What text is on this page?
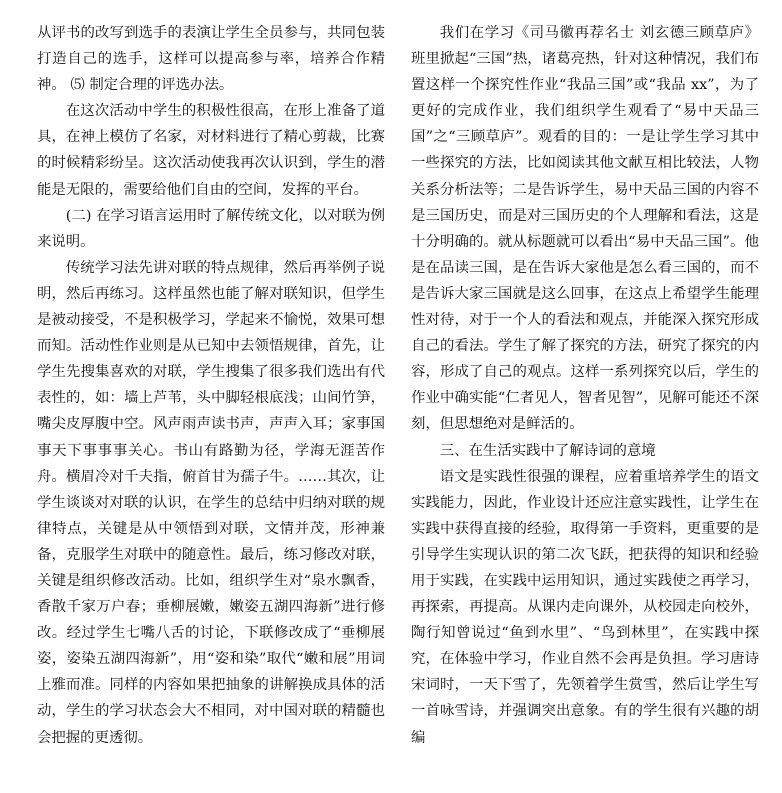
从评书的改写到选手的表演让学生全员参与，共同包装打造自己的选手，这样可以提高参与率，培养合作精神。 ⑸ 制定合理的评选办法。

在这次活动中学生的积极性很高，在形上准备了道具，在神上模仿了名家，对材料进行了精心剪裁，比赛的时候精彩纷呈。这次活动使我再次认识到，学生的潜能是无限的，需要给他们自由的空间，发挥的平台。

(二) 在学习语言运用时了解传统文化，以对联为例来说明。

传统学习法先讲对联的特点规律，然后再举例子说明，然后再练习。这样虽然也能了解对联知识，但学生是被动接受，不是积极学习，学起来不愉悦，效果可想而知。活动性作业则是从已知中去领悟规律，首先，让学生先搜集喜欢的对联，学生搜集了很多我们选出有代表性的，如：墙上芦苇，头中脚轻根底浅；山间竹笋，嘴尖皮厚腹中空。风声雨声读书声，声声入耳；家事国事天下事事事关心。书山有路勤为径，学海无涯苦作舟。横眉冷对千夫指，俯首甘为孺子牛。……其次，让学生谈谈对对联的认识，在学生的总结中归纳对联的规律特点，关键是从中领悟到对联，文情并茂，形神兼备，克服学生对联中的随意性。最后，练习修改对联，关键是组织修改活动。比如，组织学生对“泉水飘香，香散千家万户春；垂柳展嫩，嫩姿五湖四海新”进行修改。经过学生七嘴八舌的讨论，下联修改成了“垂柳展姿，姿染五湖四海新”，用“姿和染”取代“嫩和展”用词上雅而准。同样的内容如果把抽象的讲解换成具体的活动，学生的学习状态会大不相同，对中国对联的精髓也会把握的更透彻。

我们在学习《司马徽再荐名士 刘玄德三顾草庐》班里掀起“三国”热，诸葛亮热，针对这种情况，我们布置这样一个探究性作业“我品三国”或“我品 xx”，为了更好的完成作业，我们组织学生观看了“易中天品三国”之“三顾草庐”。观看的目的：一是让学生学习其中一些探究的方法，比如阅读其他文献互相比较法，人物关系分析法等；二是告诉学生，易中天品三国的内容不是三国历史，而是对三国历史的个人理解和看法，这是十分明确的。就从标题就可以看出“易中天品三国”。他是在品读三国，是在告诉大家他是怎么看三国的，而不是告诉大家三国就是这么回事，在这点上希望学生能理性对待，对于一个人的看法和观点，并能深入探究形成自己的看法。学生了解了探究的方法，研究了探究的内容，形成了自己的观点。这样一系列探究以后，学生的作业中确实能“仁者见人，智者见智”，见解可能还不深刻，但思想绝对是鲜活的。

三、在生活实践中了解诗词的意境

语文是实践性很强的课程，应着重培养学生的语文实践能力，因此，作业设计还应注意实践性，让学生在实践中获得直接的经验，取得第一手资料，更重要的是引导学生实现认识的第二次飞跃，把获得的知识和经验用于实践，在实践中运用知识，通过实践使之再学习，再探索，再提高。从课内走向课外，从校园走向校外，陶行知曾说过“鱼到水里”、“鸟到林里”，在实践中探究，在体验中学习，作业自然不会再是负担。学习唐诗宋词时，一天下雪了，先领着学生赏雪，然后让学生写一首咏雪诗，并强调突出意象。有的学生很有兴趣的胡编
